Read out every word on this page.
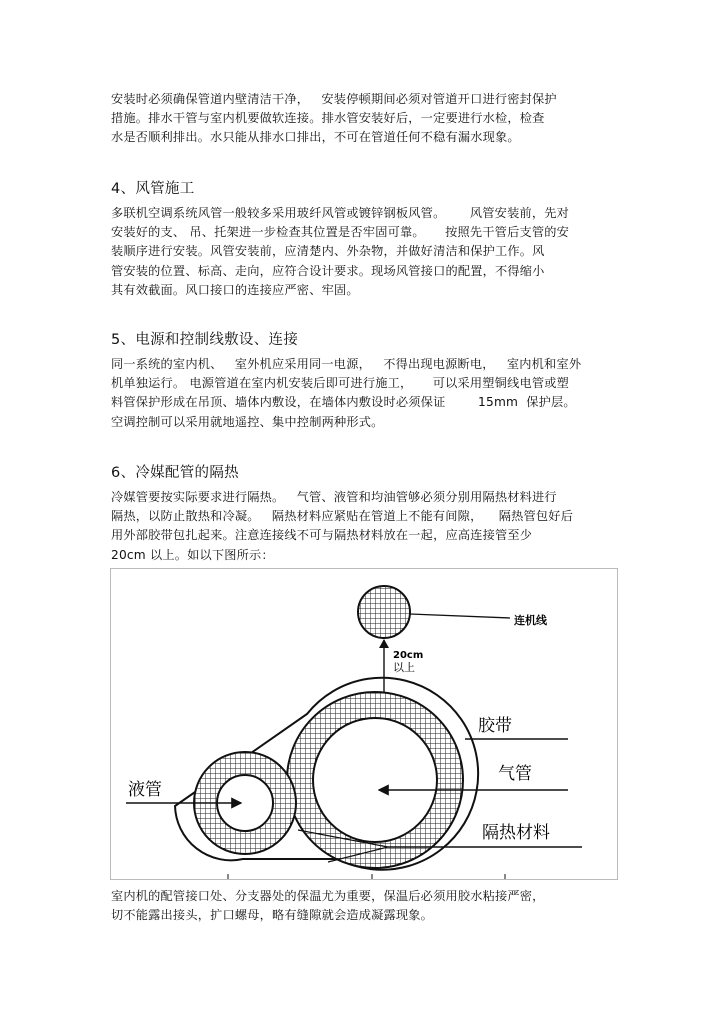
安装时必须确保管道内壁清洁干净，   安装停顿期间必须对管道开口进行密封保护
措施。排水干管与室内机要做软连接。排水管安装好后，一定要进行水检，检查
水是否顺利排出。水只能从排水口排出，不可在管道任何不稳有漏水现象。
4、风管施工
多联机空调系统风管一般较多采用玻纤风管或镀锌钢板风管。      风管安装前，先对
安装好的支、 吊、托架进一步检查其位置是否牢固可靠。     按照先干管后支管的安
装顺序进行安装。风管安装前，应清楚内、外杂物，并做好清洁和保护工作。风
管安装的位置、标高、走向，应符合设计要求。现场风管接口的配置，不得缩小
其有效截面。风口接口的连接应严密、牢固。
5、电源和控制线敷设、连接
同一系统的室内机、   室外机应采用同一电源，   不得出现电源断电，   室内机和室外
机单独运行。 电源管道在室内机安装后即可进行施工，     可以采用塑铜线电管或塑
料管保护形成在吊顶、墙体内敷设，在墙体内敷设时必须保证        15mm  保护层。
空调控制可以采用就地遥控、集中控制两种形式。
6、冷媒配管的隔热
冷媒管要按实际要求进行隔热。   气管、液管和均油管够必须分别用隔热材料进行
隔热，以防止散热和冷凝。   隔热材料应紧贴在管道上不能有间隙，    隔热管包好后
用外部胶带包扎起来。注意连接线不可与隔热材料放在一起，应高连接管至少
20cm 以上。如以下图所示：
连机线
20cm
以上
胶带
气管
液管
隔热材料
室内机的配管接口处、分支器处的保温尤为重要，保温后必须用胶水粘接严密，
切不能露出接头，扩口螺母，略有缝隙就会造成凝露现象。
